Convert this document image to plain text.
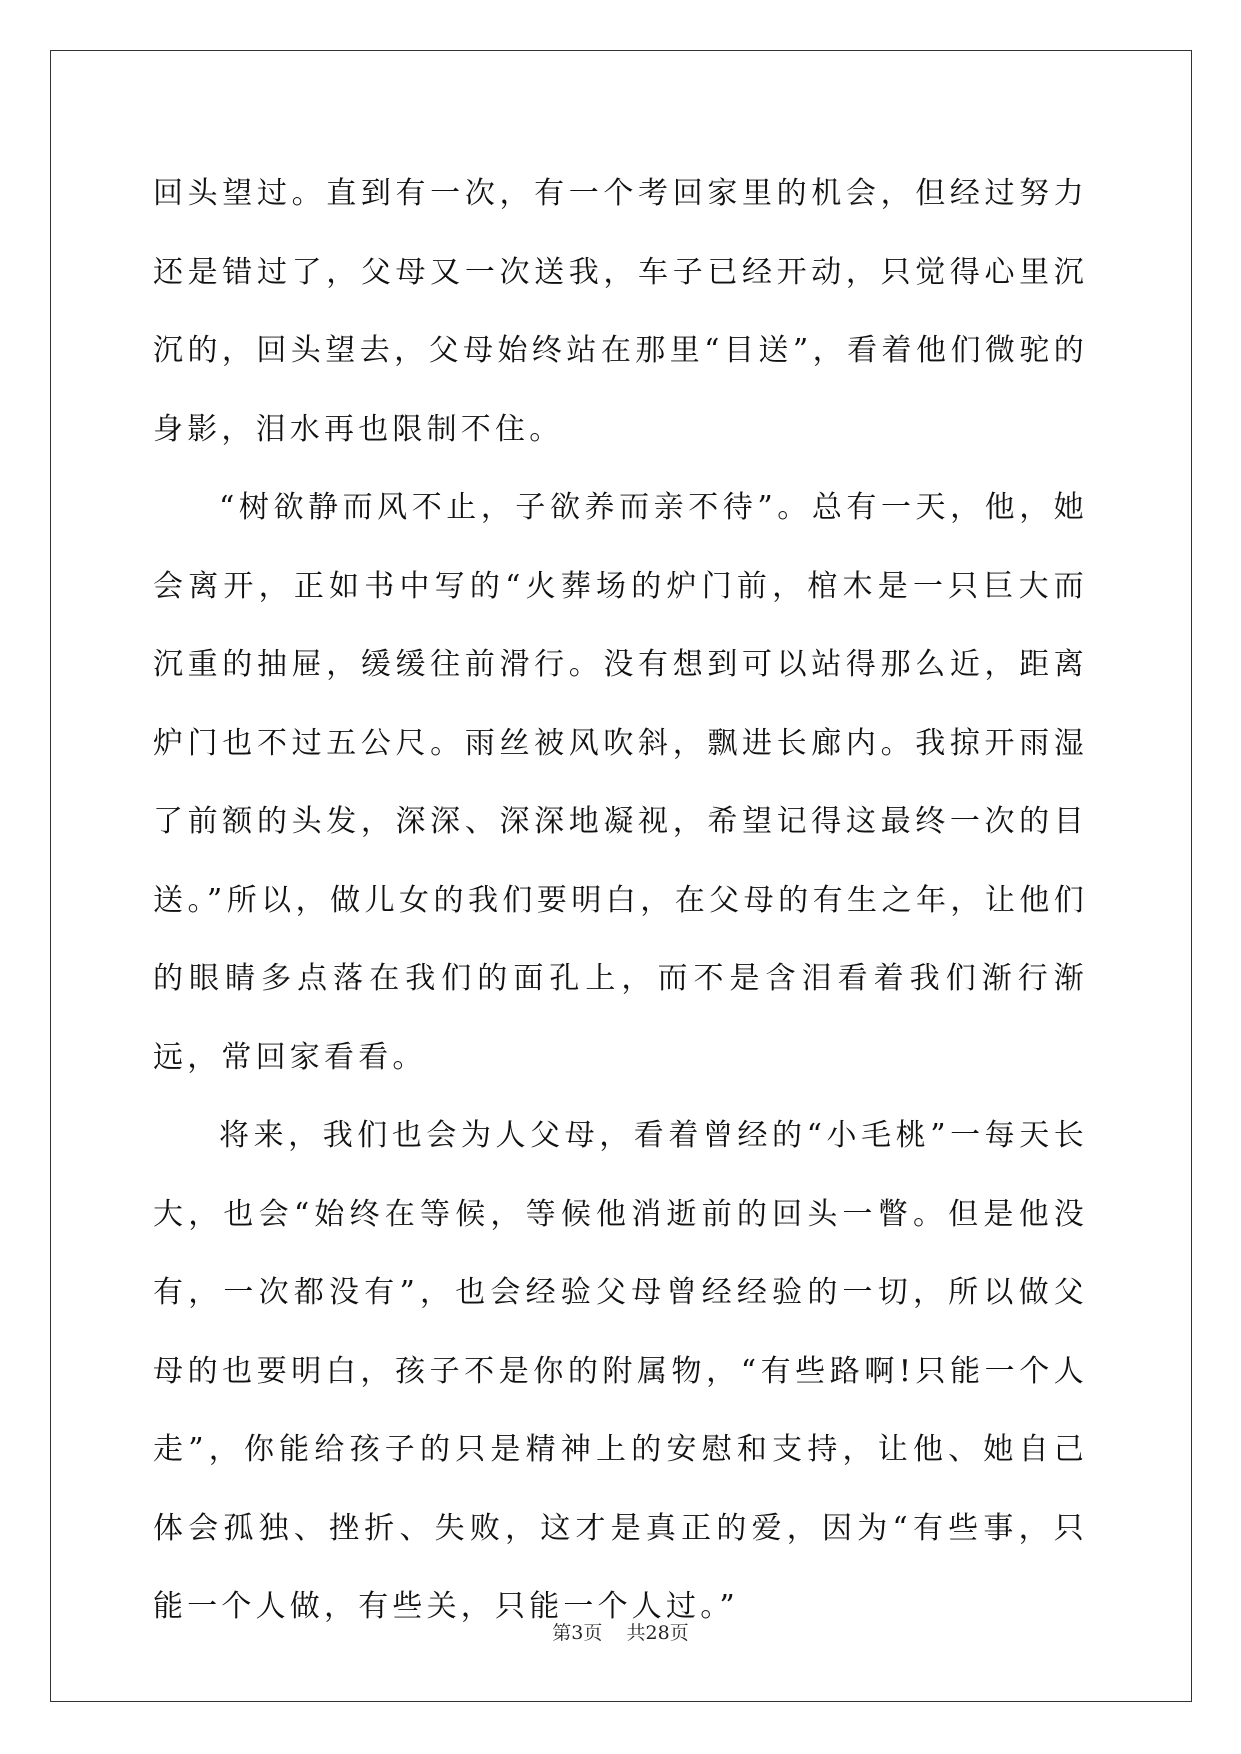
回头望过。直到有一次，有一个考回家里的机会，但经过努力还是错过了，父母又一次送我，车子已经开动，只觉得心里沉沉的，回头望去，父母始终站在那里“目送”，看着他们微驼的身影，泪水再也限制不住。

“树欲静而风不止，子欲养而亲不待”。总有一天，他，她会离开，正如书中写的“火葬场的炉门前，棺木是一只巨大而沉重的抽屉，缓缓往前滑行。没有想到可以站得那么近，距离炉门也不过五公尺。雨丝被风吹斜，飘进长廊内。我掠开雨湿了前额的头发，深深、深深地凝视，希望记得这最终一次的目送。”所以，做儿女的我们要明白，在父母的有生之年，让他们的眼睛多点落在我们的面孔上，而不是含泪看着我们渐行渐远，常回家看看。

将来，我们也会为人父母，看着曾经的“小毛桃”一每天长大，也会“始终在等候，等候他消逝前的回头一瞥。但是他没有，一次都没有”，也会经验父母曾经经验的一切，所以做父母的也要明白，孩子不是你的附属物，“有些路啊!只能一个人走”，你能给孩子的只是精神上的安慰和支持，让他、她自己体会孤独、挫折、失败，这才是真正的爱，因为“有些事，只能一个人做，有些关，只能一个人过。”

第3页 共28页
